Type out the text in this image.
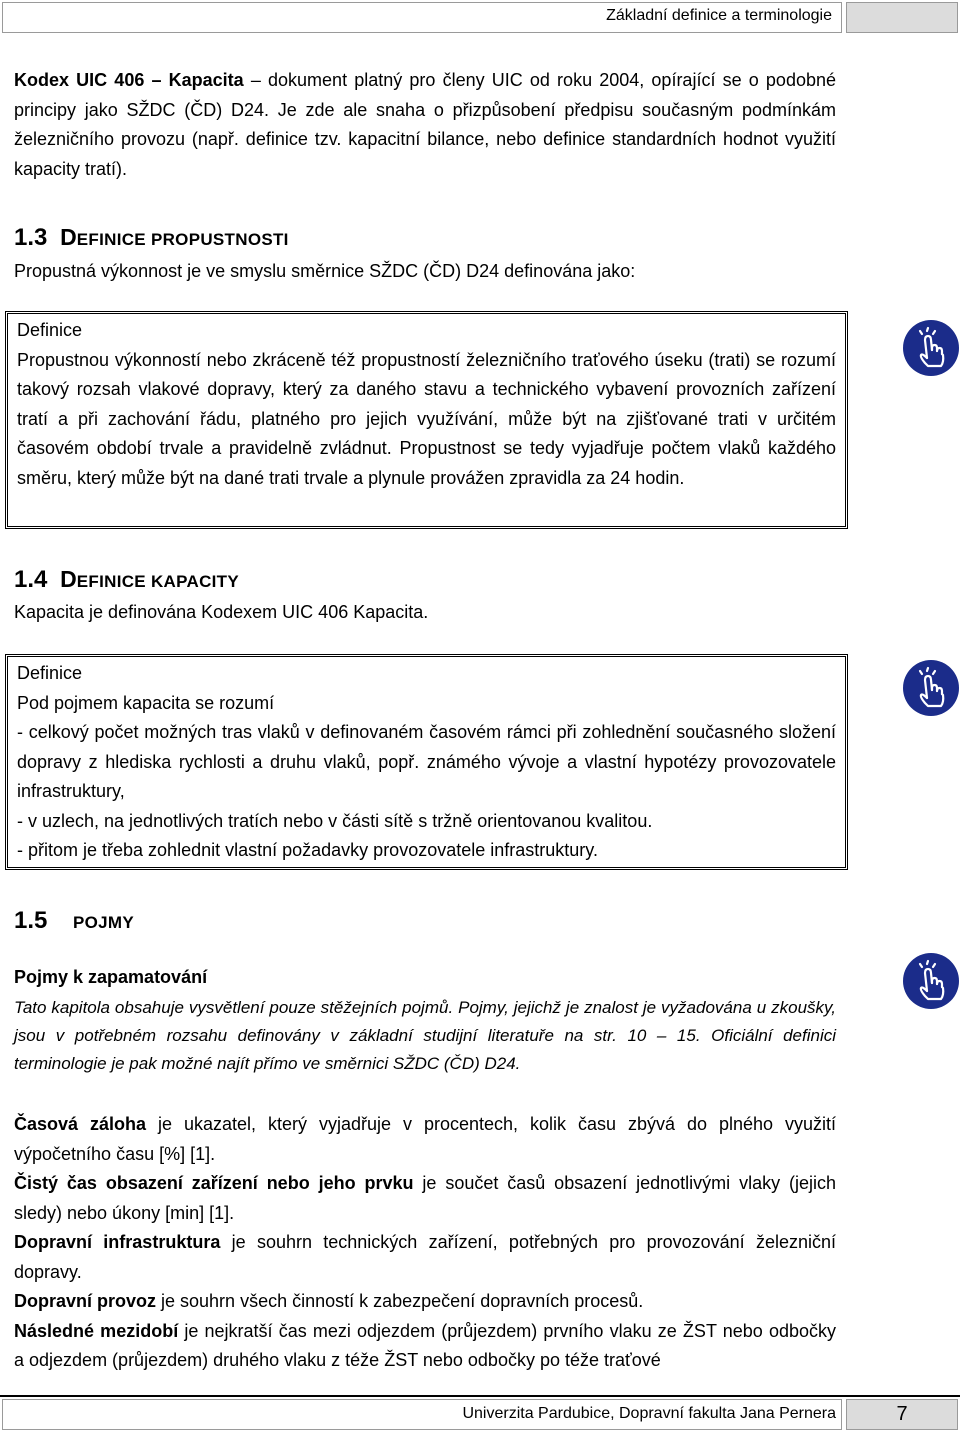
Základní definice a terminologie
Kodex UIC 406 – Kapacita – dokument platný pro členy UIC od roku 2004, opírající se o podobné principy jako SŽDC (ČD) D24. Je zde ale snaha o přizpůsobení předpisu současným podmínkám železničního provozu (např. definice tzv. kapacitní bilance, nebo definice standardních hodnot využití kapacity tratí).
1.3 DEFINICE PROPUSTNOSTI
Propustná výkonnost je ve smyslu směrnice SŽDC (ČD) D24 definována jako:
Definice
Propustnou výkonností nebo zkráceně též propustností železničního traťového úseku (trati) se rozumí takový rozsah vlakové dopravy, který za daného stavu a technického vybavení provozních zařízení tratí a při zachování řádu, platného pro jejich využívání, může být na zjišťované trati v určitém časovém období trvale a pravidelně zvládnut. Propustnost se tedy vyjadřuje počtem vlaků každého směru, který může být na dané trati trvale a plynule provážen zpravidla za 24 hodin.
1.4 DEFINICE KAPACITY
Kapacita je definována Kodexem UIC 406 Kapacita.
Definice
Pod pojmem kapacita se rozumí
- celkový počet možných tras vlaků v definovaném časovém rámci při zohlednění současného složení dopravy z hlediska rychlosti a druhu vlaků, popř. známého vývoje a vlastní hypotézy provozovatele infrastruktury,
- v uzlech, na jednotlivých tratích nebo v části sítě s tržně orientovanou kvalitou.
- přitom je třeba zohlednit vlastní požadavky provozovatele infrastruktury.
1.5 POJMY
Pojmy k zapamatování
Tato kapitola obsahuje vysvětlení pouze stěžejních pojmů. Pojmy, jejichž je znalost je vyžadována u zkoušky, jsou v potřebném rozsahu definovány v základní studijní literatuře na str. 10 – 15. Oficiální definici terminologie je pak možné najít přímo ve směrnici SŽDC (ČD) D24.
Časová záloha je ukazatel, který vyjadřuje v procentech, kolik času zbývá do plného využití výpočetního času [%] [1].
Čistý čas obsazení zařízení nebo jeho prvku je součet časů obsazení jednotlivými vlaky (jejich sledy) nebo úkony [min] [1].
Dopravní infrastruktura je souhrn technických zařízení, potřebných pro provozování železniční dopravy.
Dopravní provoz je souhrn všech činností k zabezpečení dopravních procesů.
Následné mezidobí je nejkratší čas mezi odjezdem (průjezdem) prvního vlaku ze ŽST nebo odbočky a odjezdem (průjezdem) druhého vlaku z téže ŽST nebo odbočky po téže traťové
Univerzita Pardubice, Dopravní fakulta Jana Pernera	7
